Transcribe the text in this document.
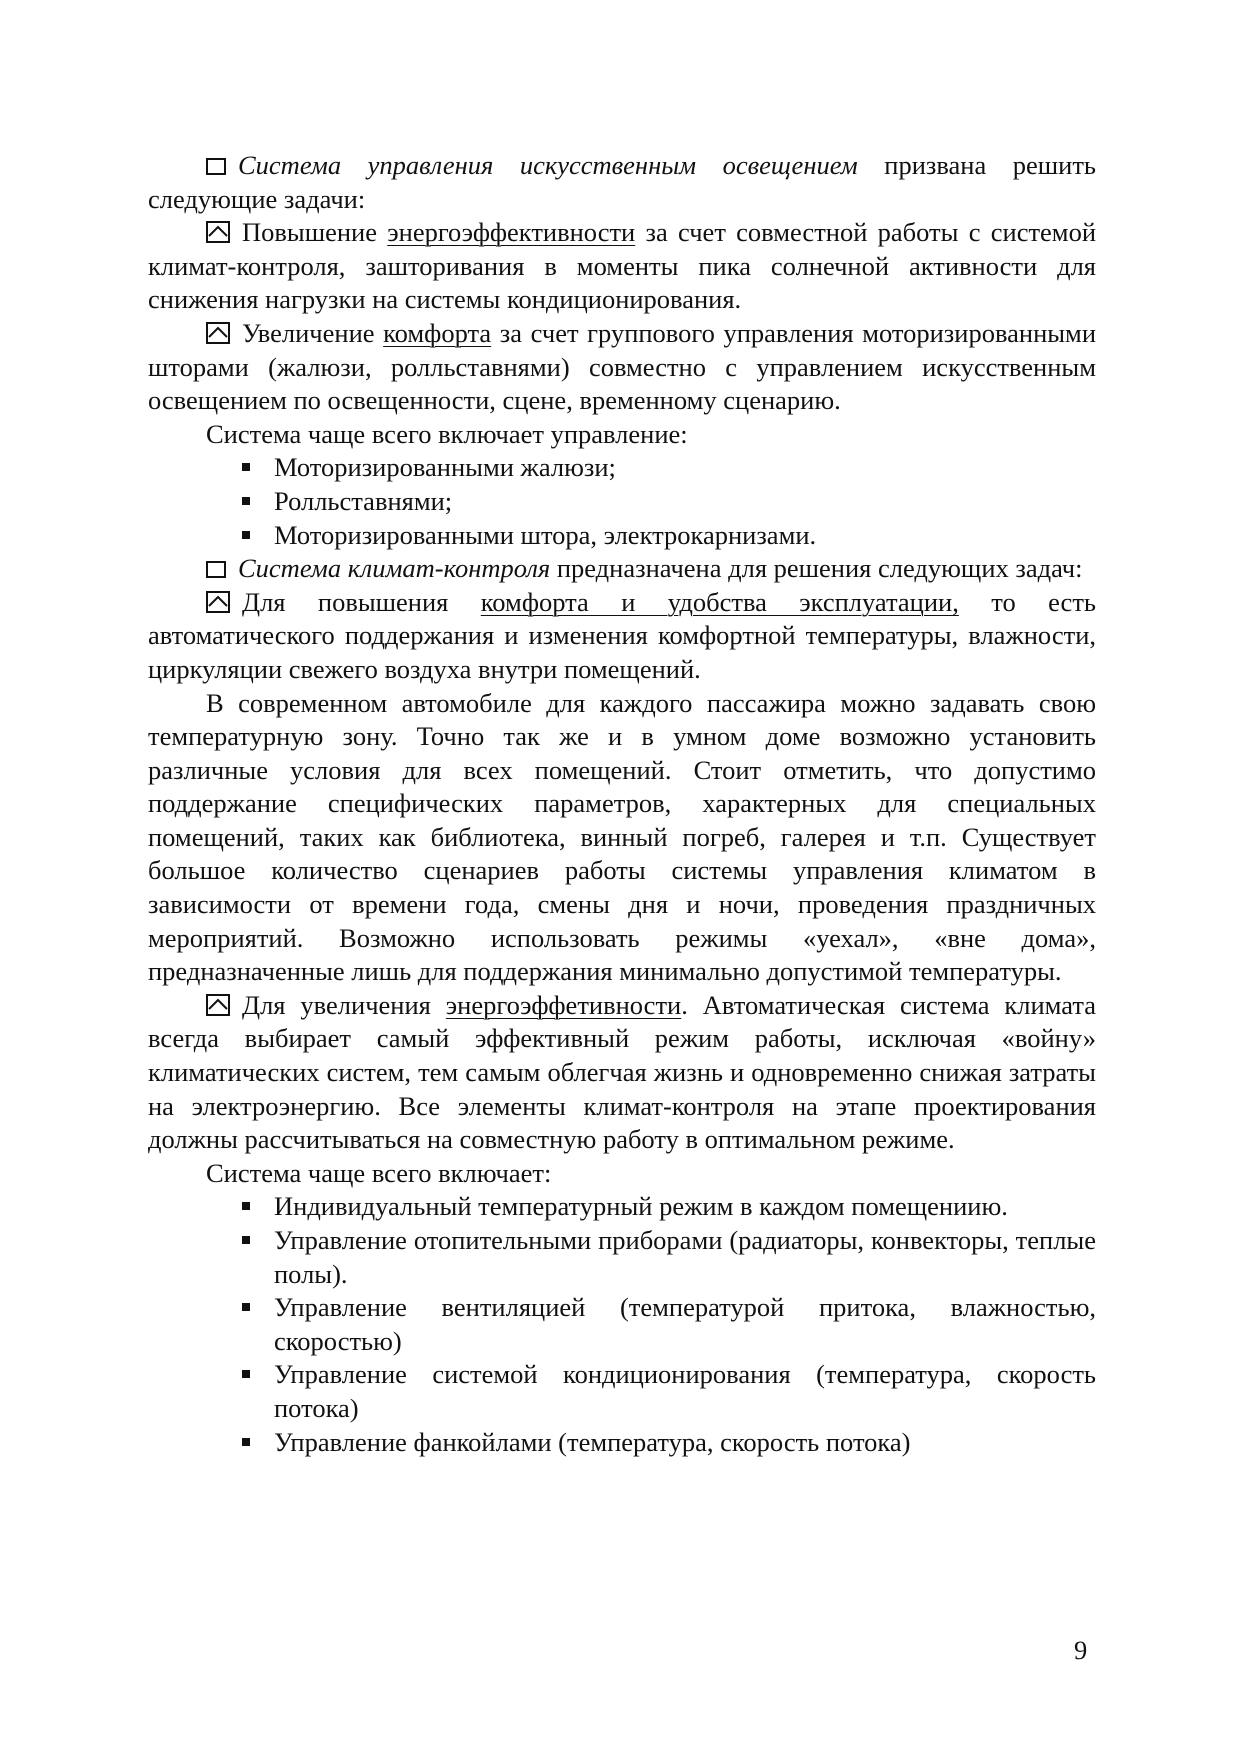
Система управления искусственным освещением призвана решить следующие задачи:

Повышение энергоэффективности за счет совместной работы с системой климат-контроля, зашторивания в моменты пика солнечной активности для снижения нагрузки на системы кондиционирования.

Увеличение комфорта за счет группового управления моторизированными шторами (жалюзи, ролльставнями) совместно с управлением искусственным освещением по освещенности, сцене, временному сценарию.

Система чаще всего включает управление:

Моторизированными жалюзи;
Ролльставнями;
Моторизированными штора, электрокарнизами.

Система климат-контроля предназначена для решения следующих задач:

Для повышения комфорта и удобства эксплуатации, то есть автоматического поддержания и изменения комфортной температуры, влажности, циркуляции свежего воздуха внутри помещений.

В современном автомобиле для каждого пассажира можно задавать свою температурную зону. Точно так же и в умном доме возможно установить различные условия для всех помещений. Стоит отметить, что допустимо поддержание специфических параметров, характерных для специальных помещений, таких как библиотека, винный погреб, галерея и т.п. Существует большое количество сценариев работы системы управления климатом в зависимости от времени года, смены дня и ночи, проведения праздничных мероприятий. Возможно использовать режимы «уехал», «вне дома», предназначенные лишь для поддержания минимально допустимой температуры.

Для увеличения энергоэффетивности. Автоматическая система климата всегда выбирает самый эффективный режим работы, исключая «войну» климатических систем, тем самым облегчая жизнь и одновременно снижая затраты на электроэнергию. Все элементы климат-контроля на этапе проектирования должны рассчитываться на совместную работу в оптимальном режиме.

Система чаще всего включает:

Индивидуальный температурный режим в каждом помещениию.
Управление отопительными приборами (радиаторы, конвекторы, теплые полы).
Управление вентиляцией (температурой притока, влажностью, скоростью)
Управление системой кондиционирования (температура, скорость потока)
Управление фанкойлами (температура, скорость потока)
9
